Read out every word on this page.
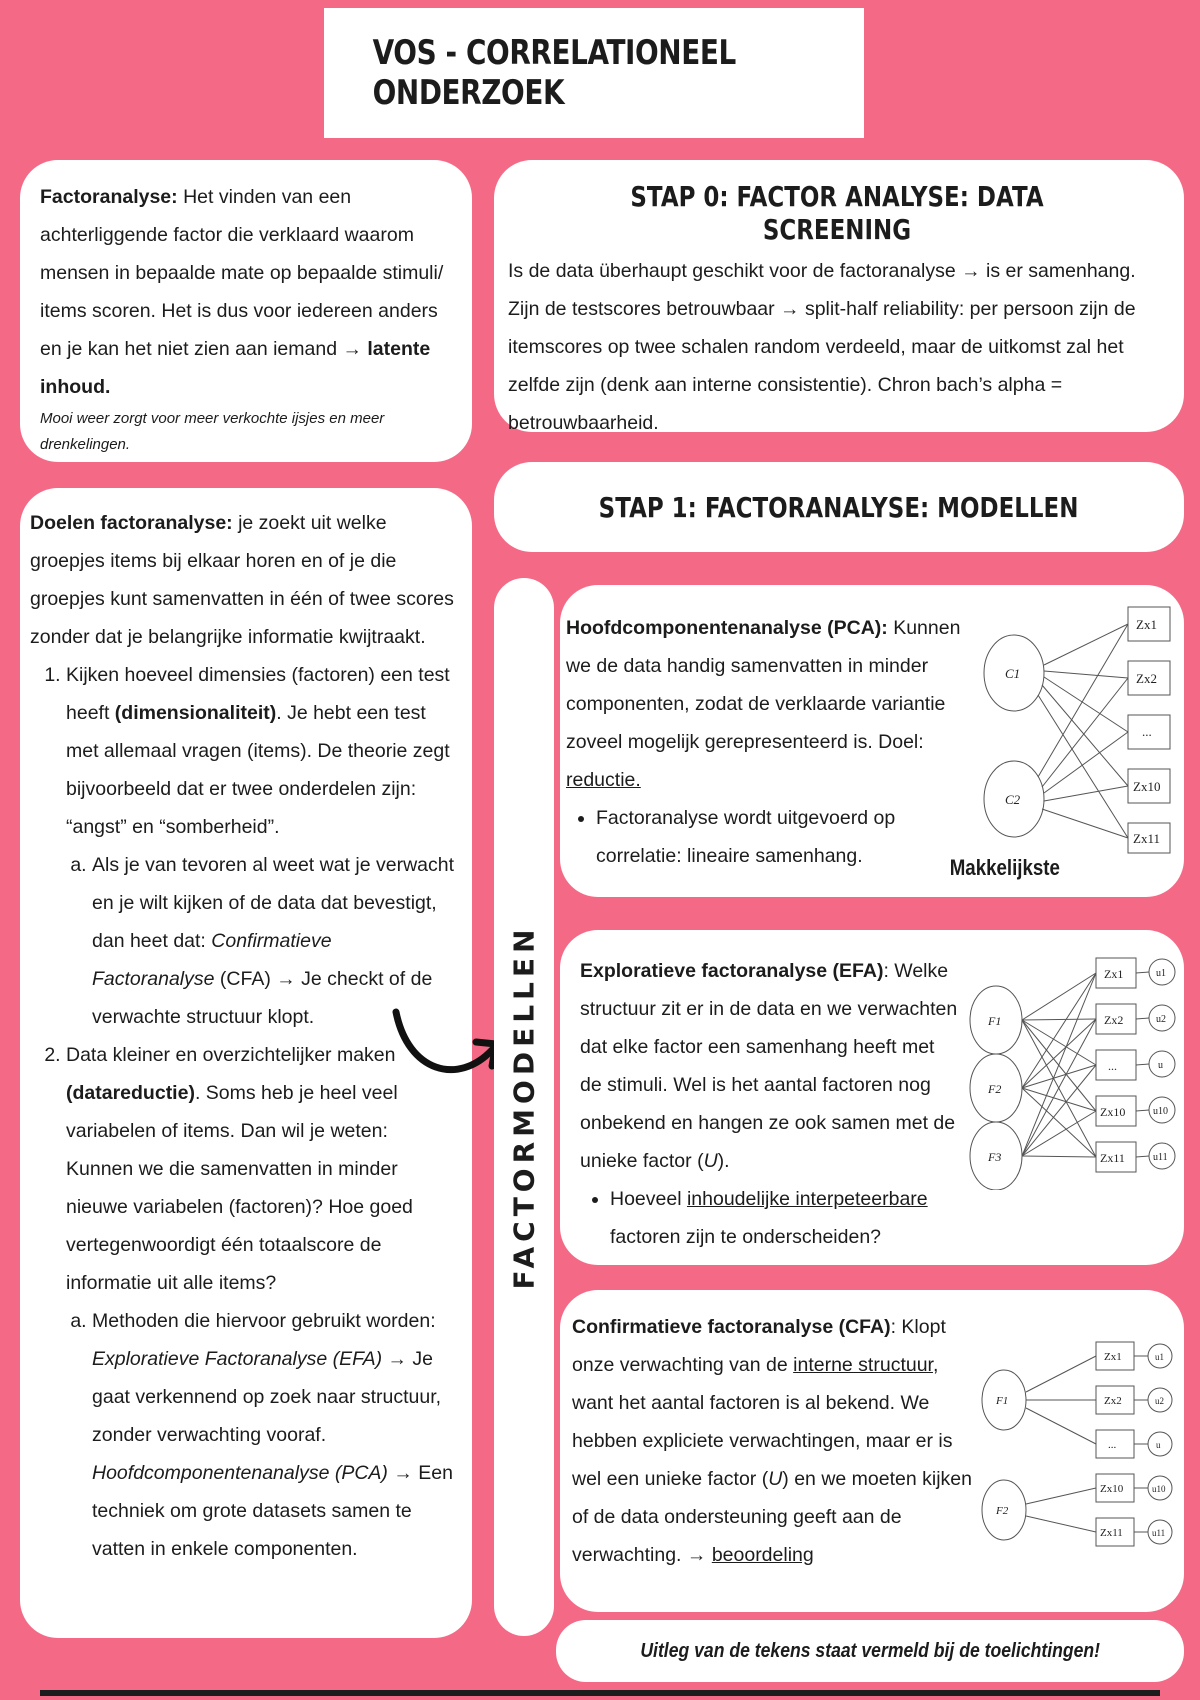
VOS - CORRELATIONEEL ONDERZOEK
Factoranalyse: Het vinden van een achterliggende factor die verklaard waarom mensen in bepaalde mate op bepaalde stimuli/ items scoren. Het is dus voor iedereen anders en je kan het niet zien aan iemand → latente inhoud.
Mooi weer zorgt voor meer verkochte ijsjes en meer drenkelingen.
STAP 0: FACTOR ANALYSE: DATA SCREENING
Is de data überhaupt geschikt voor de factoranalyse → is er samenhang. Zijn de testscores betrouwbaar → split-half reliability: per persoon zijn de itemscores op twee schalen random verdeeld, maar de uitkomst zal het zelfde zijn (denk aan interne consistentie). Chron bach’s alpha = betrouwbaarheid.
STAP 1: FACTORANALYSE: MODELLEN
Doelen factoranalyse: je zoekt uit welke groepjes items bij elkaar horen en of je die groepjes kunt samenvatten in één of twee scores zonder dat je belangrijke informatie kwijtraakt.
1. Kijken hoeveel dimensies (factoren) een test heeft (dimensionaliteit). Je hebt een test met allemaal vragen (items). De theorie zegt bijvoorbeeld dat er twee onderdelen zijn: “angst” en “somberheid”.
a. Als je van tevoren al weet wat je verwacht en je wilt kijken of de data dat bevestigt, dan heet dat: Confirmatieve Factoranalyse (CFA) → Je checkt of de verwachte structuur klopt.
2. Data kleiner en overzichtelijker maken (datareductie). Soms heb je heel veel variabelen of items. Dan wil je weten: Kunnen we die samenvatten in minder nieuwe variabelen (factoren)? Hoe goed vertegenwoordigt één totaalscore de informatie uit alle items?
a. Methoden die hiervoor gebruikt worden: Exploratieve Factoranalyse (EFA) → Je gaat verkennend op zoek naar structuur, zonder verwachting vooraf. Hoofdcomponentenanalyse (PCA) → Een techniek om grote datasets samen te vatten in enkele componenten.
FACTORMODELLEN
Hoofdcomponentenanalyse (PCA): Kunnen we de data handig samenvatten in minder componenten, zodat de verklaarde variantie zoveel mogelijk gerepresenteerd is. Doel: reductie.
• Factoranalyse wordt uitgevoerd op correlatie: lineaire samenhang.
C1
C2
Zx1
Zx2
...
Zx10
Zx11
Makkelijkste
Exploratieve factoranalyse (EFA): Welke structuur zit er in de data en we verwachten dat elke factor een samenhang heeft met de stimuli. Wel is het aantal factoren nog onbekend en hangen ze ook samen met de unieke factor (U).
• Hoeveel inhoudelijke interpeteerbare factoren zijn te onderscheiden?
F1
F2
F3
Zx1
Zx2
...
Zx10
Zx11
u1
u2
u
u10
u11
Confirmatieve factoranalyse (CFA): Klopt onze verwachting van de interne structuur, want het aantal factoren is al bekend. We hebben expliciete verwachtingen, maar er is wel een unieke factor (U) en we moeten kijken of de data ondersteuning geeft aan de verwachting. → beoordeling
F1
F2
Zx1
Zx2
...
Zx10
Zx11
u1
u2
u
u10
u11
Uitleg van de tekens staat vermeld bij de toelichtingen!
